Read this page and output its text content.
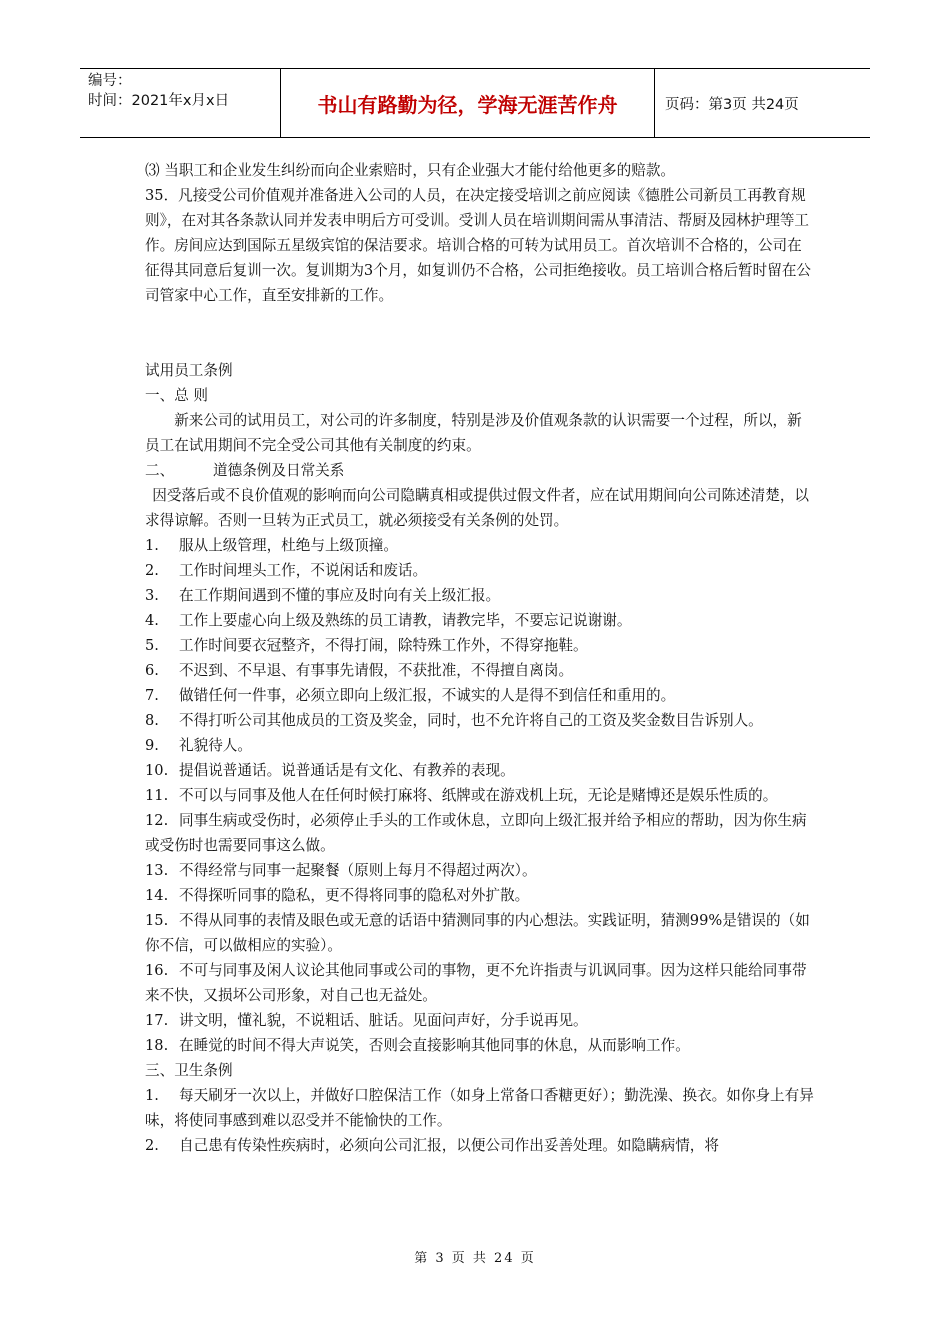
编号：
时间：2021年x月x日	书山有路勤为径，学海无涯苦作舟	页码：第3页 共24页

⑶ 当职工和企业发生纠纷而向企业索赔时，只有企业强大才能付给他更多的赔款。

35．凡接受公司价值观并准备进入公司的人员，在决定接受培训之前应阅读《德胜公司新员工再教育规则》，在对其各条款认同并发表申明后方可受训。受训人员在培训期间需从事清洁、帮厨及园林护理等工作。房间应达到国际五星级宾馆的保洁要求。培训合格的可转为试用员工。首次培训不合格的，公司在征得其同意后复训一次。复训期为3个月，如复训仍不合格，公司拒绝接收。员工培训合格后暂时留在公司管家中心工作，直至安排新的工作。

试用员工条例

一、总 则

新来公司的试用员工，对公司的许多制度，特别是涉及价值观条款的认识需要一个过程，所以，新员工在试用期间不完全受公司其他有关制度的约束。

二、	道德条例及日常关系

因受落后或不良价值观的影响而向公司隐瞒真相或提供过假文件者，应在试用期间向公司陈述清楚，以求得谅解。否则一旦转为正式员工，就必须接受有关条例的处罚。

1. 服从上级管理，杜绝与上级顶撞。

2. 工作时间埋头工作，不说闲话和废话。

3. 在工作期间遇到不懂的事应及时向有关上级汇报。

4. 工作上要虚心向上级及熟练的员工请教，请教完毕，不要忘记说谢谢。

5. 工作时间要衣冠整齐，不得打闹，除特殊工作外，不得穿拖鞋。

6. 不迟到、不早退、有事事先请假，不获批准，不得擅自离岗。

7. 做错任何一件事，必须立即向上级汇报，不诚实的人是得不到信任和重用的。

8. 不得打听公司其他成员的工资及奖金，同时，也不允许将自己的工资及奖金数目告诉别人。

9. 礼貌待人。

10. 提倡说普通话。说普通话是有文化、有教养的表现。

11. 不可以与同事及他人在任何时候打麻将、纸牌或在游戏机上玩，无论是赌博还是娱乐性质的。

12. 同事生病或受伤时，必须停止手头的工作或休息，立即向上级汇报并给予相应的帮助，因为你生病或受伤时也需要同事这么做。

13. 不得经常与同事一起聚餐（原则上每月不得超过两次）。

14. 不得探听同事的隐私，更不得将同事的隐私对外扩散。

15. 不得从同事的表情及眼色或无意的话语中猜测同事的内心想法。实践证明，猜测99%是错误的（如你不信，可以做相应的实验）。

16. 不可与同事及闲人议论其他同事或公司的事物，更不允许指责与讥讽同事。因为这样只能给同事带来不快，又损坏公司形象，对自己也无益处。

17. 讲文明，懂礼貌，不说粗话、脏话。见面问声好，分手说再见。

18. 在睡觉的时间不得大声说笑，否则会直接影响其他同事的休息，从而影响工作。

三、卫生条例

1. 每天刷牙一次以上，并做好口腔保洁工作（如身上常备口香糖更好）；勤洗澡、换衣。如你身上有异味，将使同事感到难以忍受并不能愉快的工作。

2. 自己患有传染性疾病时，必须向公司汇报，以便公司作出妥善处理。如隐瞒病情，将

第 3 页 共 24 页
